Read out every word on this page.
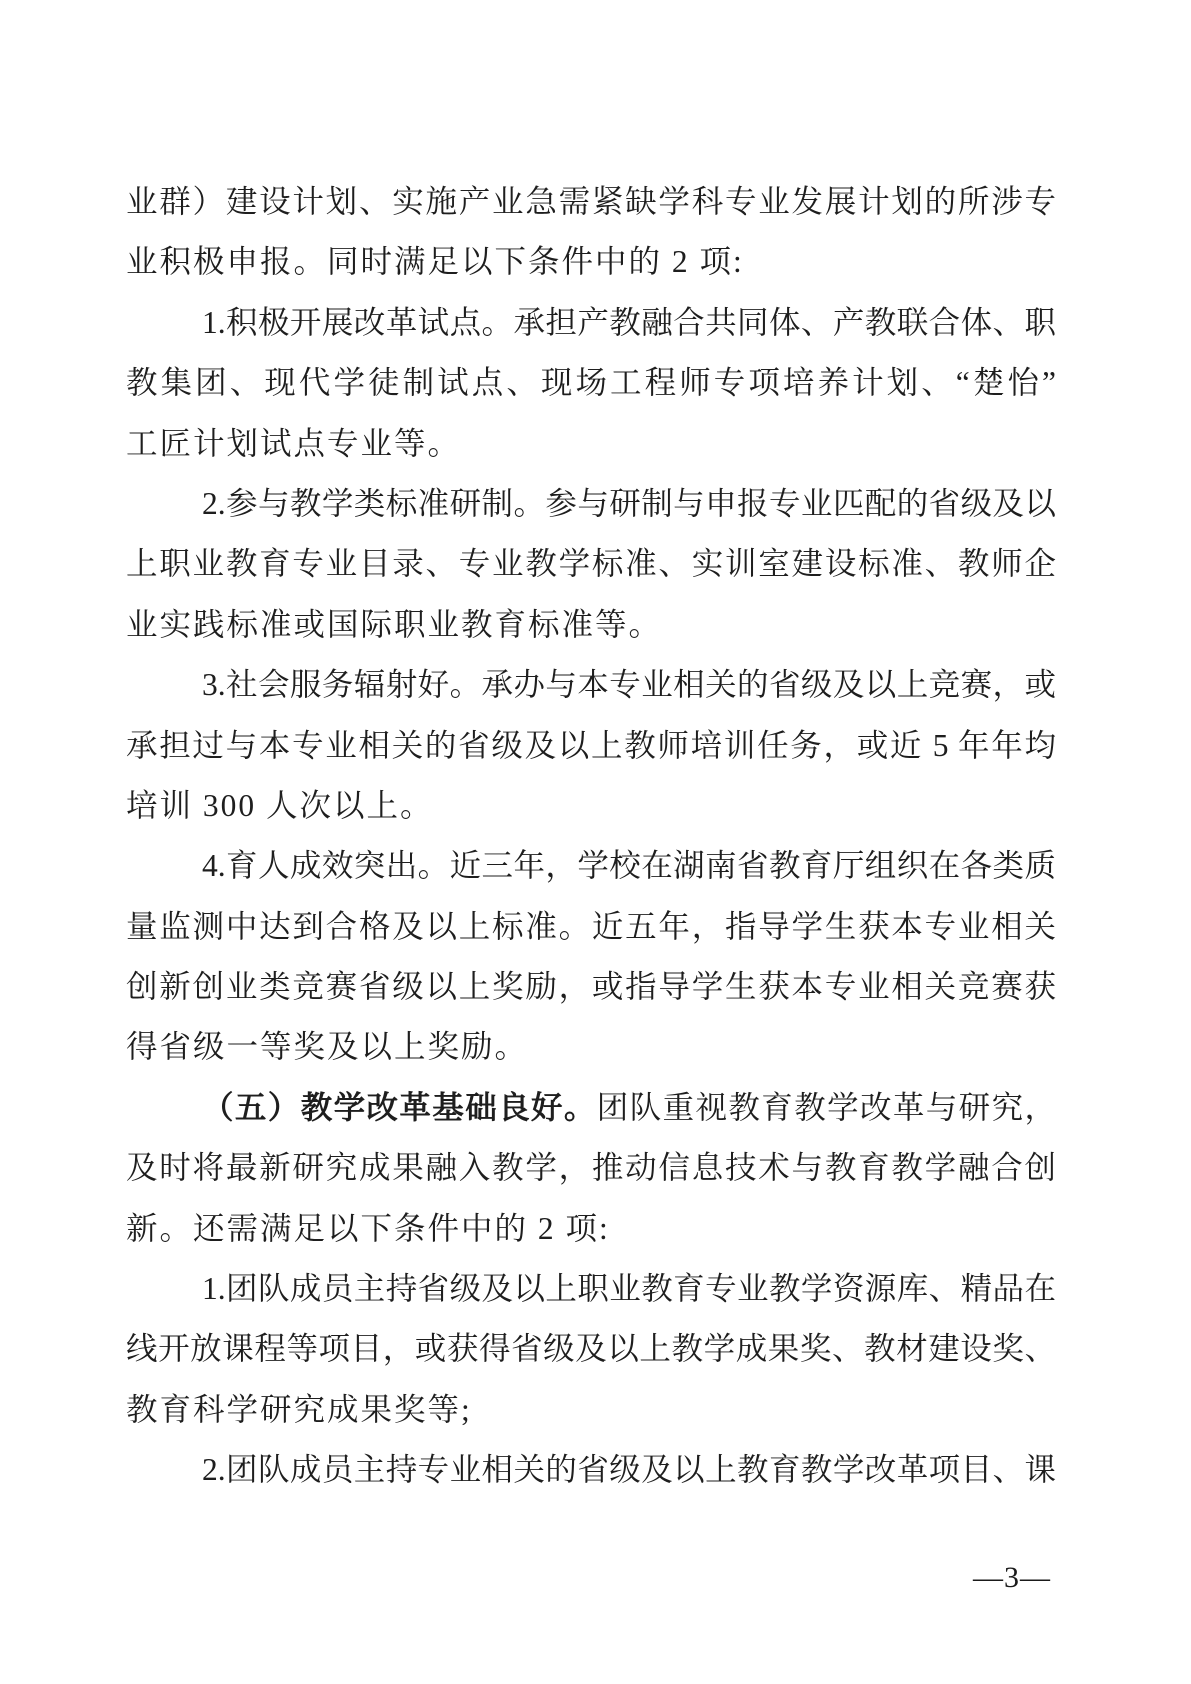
业群）建设计划、实施产业急需紧缺学科专业发展计划的所涉专
业积极申报。同时满足以下条件中的 2 项:
1.积极开展改革试点。承担产教融合共同体、产教联合体、职
教集团、现代学徒制试点、现场工程师专项培养计划、“楚怡”
工匠计划试点专业等。
2.参与教学类标准研制。参与研制与申报专业匹配的省级及以
上职业教育专业目录、专业教学标准、实训室建设标准、教师企
业实践标准或国际职业教育标准等。
3.社会服务辐射好。承办与本专业相关的省级及以上竞赛，或
承担过与本专业相关的省级及以上教师培训任务，或近 5 年年均
培训 300 人次以上。
4.育人成效突出。近三年，学校在湖南省教育厅组织在各类质
量监测中达到合格及以上标准。近五年，指导学生获本专业相关
创新创业类竞赛省级以上奖励，或指导学生获本专业相关竞赛获
得省级一等奖及以上奖励。
（五）教学改革基础良好。团队重视教育教学改革与研究，
及时将最新研究成果融入教学，推动信息技术与教育教学融合创
新。还需满足以下条件中的 2 项:
1.团队成员主持省级及以上职业教育专业教学资源库、精品在
线开放课程等项目，或获得省级及以上教学成果奖、教材建设奖、
教育科学研究成果奖等;
2.团队成员主持专业相关的省级及以上教育教学改革项目、课
—3—
